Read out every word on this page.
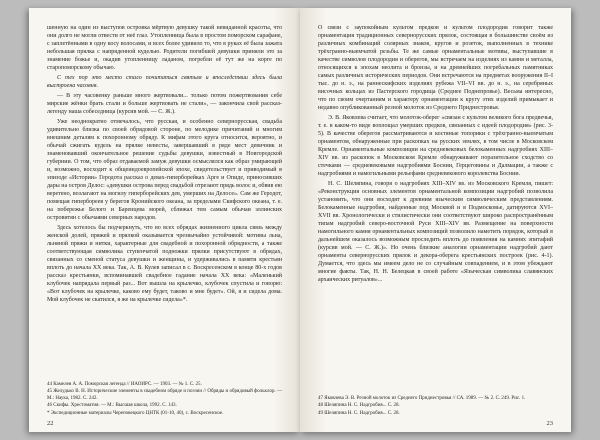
шенную на один из выступов островка мёртвую девушку такой невиданной красоты, что они долго не могли отвести от неё глаз. Утопленница была в простом поморском сарафане, с заплетёнными в одну косу волосами, и всех более удивило то, что в руках её была зажата небольшая прялка с напряденной куделью. Родители погибшей девушки приняли это за знамение божье и, окадив утопленницу ладаном, погребли её тут же на корге по старопоморскому обычаю.

С тех пор это место стало почитаться святым и впоследствии здесь была выстроена часовня.

— В эту часовенку раньше много жертвовали... только потом пожертвования себе мирские жёнки брать стали и больше жертвовать не стали», — закончила свой рассказ-легенду наша собеседница (курсив мой. — С. Ж.).

Уже неоднократно отмечалось, что русская, и особенно севернорусская, свадьба удивительно близка по своей обрядовой стороне, по мелодике причитаний и многим внешним деталям к похоронному обряду. К мифам этого круга относится, вероятно, и обычай сжигать кудель на прялке невесты, завершавший в ряде мест девичник и знаменовавший окончательное решение судьбы девушки, известный в Новгородской губернии. О том, что образ отдаваемой замуж девушки осмыслялся как образ умирающей и, возможно, восходит к общеиндоевропейской эпохе, свидетельствует и приводимый в эпизоде «Истории» Геродота рассказ о девах-гиперборейках Арге и Опиде, приносивших дары на остров Делос: «девушки острова перед свадьбой отрезают прядь волос и, обвив ею веретено, возлагают на могилу гиперборейских дев, умерших на Делосе». Сам же Геродот, помещая гипербореев у берегов Кронийского океана, за пределами Скифского океана, т. е. на побережье Белого и Баренцева морей, сближал тем самым обычаи эллинских островитян с обычаями северных народов.

Здесь хотелось бы подчеркнуть, что во всех обрядах жизненного цикла связь между женской долей, пряжей и прялкой оказывается чрезвычайно устойчивой: мотивы льна, льняной пряжи и нитки, характерные для свадебной и похоронной обрядности, а также соответствующая символика ступенчатой подножки прялки присутствуют в обрядах, связанных со сменой статуса девушки и женщины, и удерживались в памяти крестьян вплоть до начала XX века. Так, А. В. Кулев записал в с. Воскресенском в конце 80-х годов рассказ крестьянки, вспоминавшей свадебное гадание начала XX века: «Маленький клубочек напрядала первый раз... Вот вышла на крылечко, клубочек спустила и говорю: «Вот клубочек на крылечке, каково ему будет, таково и мне будет». Ой, я и сидела дома. Мой клубочек не скатился, я же на крылечке сидела»*.

44 Камелев А. А. Поморская легенда // ИАОИРС. — 1903. — № 1. С. 25.

45 Желудько В. Н. Исторические элементы в свадебном обряде и поэзии // Обряды и обрядовый фольклор. — М.: Наука, 1982. С. 242.

46 Скифы. Хрестоматия. — М.: Высшая школа, 1992. С. 143.

* Экспедиционные материалы Череповецкого ЦНТК (01-10, 40), с. Воскресенское.

22

О связи с заупокойным культом предков и культом плодородия говорит также орнаментация традиционных севернорусских прялок, состоящая в большинстве своём из различных комбинаций солярных знаков, кругов и розеток, выполненных в технике трёхгранно-выемчатой резьбы. Те же самые орнаментальные мотивы, выступавшие в качестве символов плодородия и оберегов, мы встречаем на изделиях из камня и металла, относящихся к эпохам неолита и бронзы, и на древнейших погребальных памятниках самых различных исторических периодов. Они встречаются на предметах вооружения II–I тыс. до н. э., на раннескифских изделиях рубежа VII–VI вв. до н. э., на серебряных височных кольцах из Пастерского городища (Среднее Поднепровье). Весьма интересно, что по своим очертаниям и характеру орнаментации к кругу этих изделий примыкает и недавно опубликованный резной молоток из Среднего Приднестровья.

Э. В. Яковлева считает, что молоток-оберег «связан с культом великого бога предвечья, т. е. в каком-то виде воплощал умерших предков, связанных с идеей плодородия» (рис. 3-5). В качестве оберегов рассматриваются и костяные топорики с трёхгранно-выемчатым орнаментом, обнаруженные при раскопках на русских землях, в том числе в Московском Кремле. Орнаментальные композиции на средневековых белокаменных надгробиях XIII–XIV вв. из раскопок в Московском Кремле обнаруживают поразительное сходство со стечками — средневековыми надгробиями Боснии, Герцеговины и Далмации, а также с надгробиями и намогильными рельефами средневекового королевства Боснии.

Н. С. Шеляпина, говоря о надгробиях XIII–XIV вв. из Московского Кремля, пишет: «Реконструкция основных элементов орнаментальной композиции надгробий позволила установить, что они восходят к древним языческим символическим представлениям. Белокаменные надгробия, найденные под Москвой и в Подмосковье, датируются XVI–XVII вв. Хронологически и стилистически они соответствуют широко распространённым типам надгробий северо-восточной Руси XIII–XIV вв. Размещение на поверхности намогильного камня орнаментальных композиций позволило наметить порядок, который в дальнейшем оказалось возможным проследить вплоть до появления на камнях эпитафий (курсив мой. — С. Ж.)». Но очень близкие аналогии орнаментации надгробий дают орнаменты севернорусских прялок и декора-оберега крестьянских построек (рис. 4-1). Думается, что здесь мы имеем дело не со случайным совпадением, и в этом убеждают многие факты. Так, Н. Н. Белецкая в своей работе «Языческая символика славянских архаических ритуалов»...

47 Яковлева Э. В. Резной молоток из Среднего Приднестровья // СА. 1989. — № 2. С. 249. Рис. 1.

48 Шеляпина Н. С. Надгробия... С. 28.

49 Шеляпина Н. С. Надгробия... С. 28.

23
